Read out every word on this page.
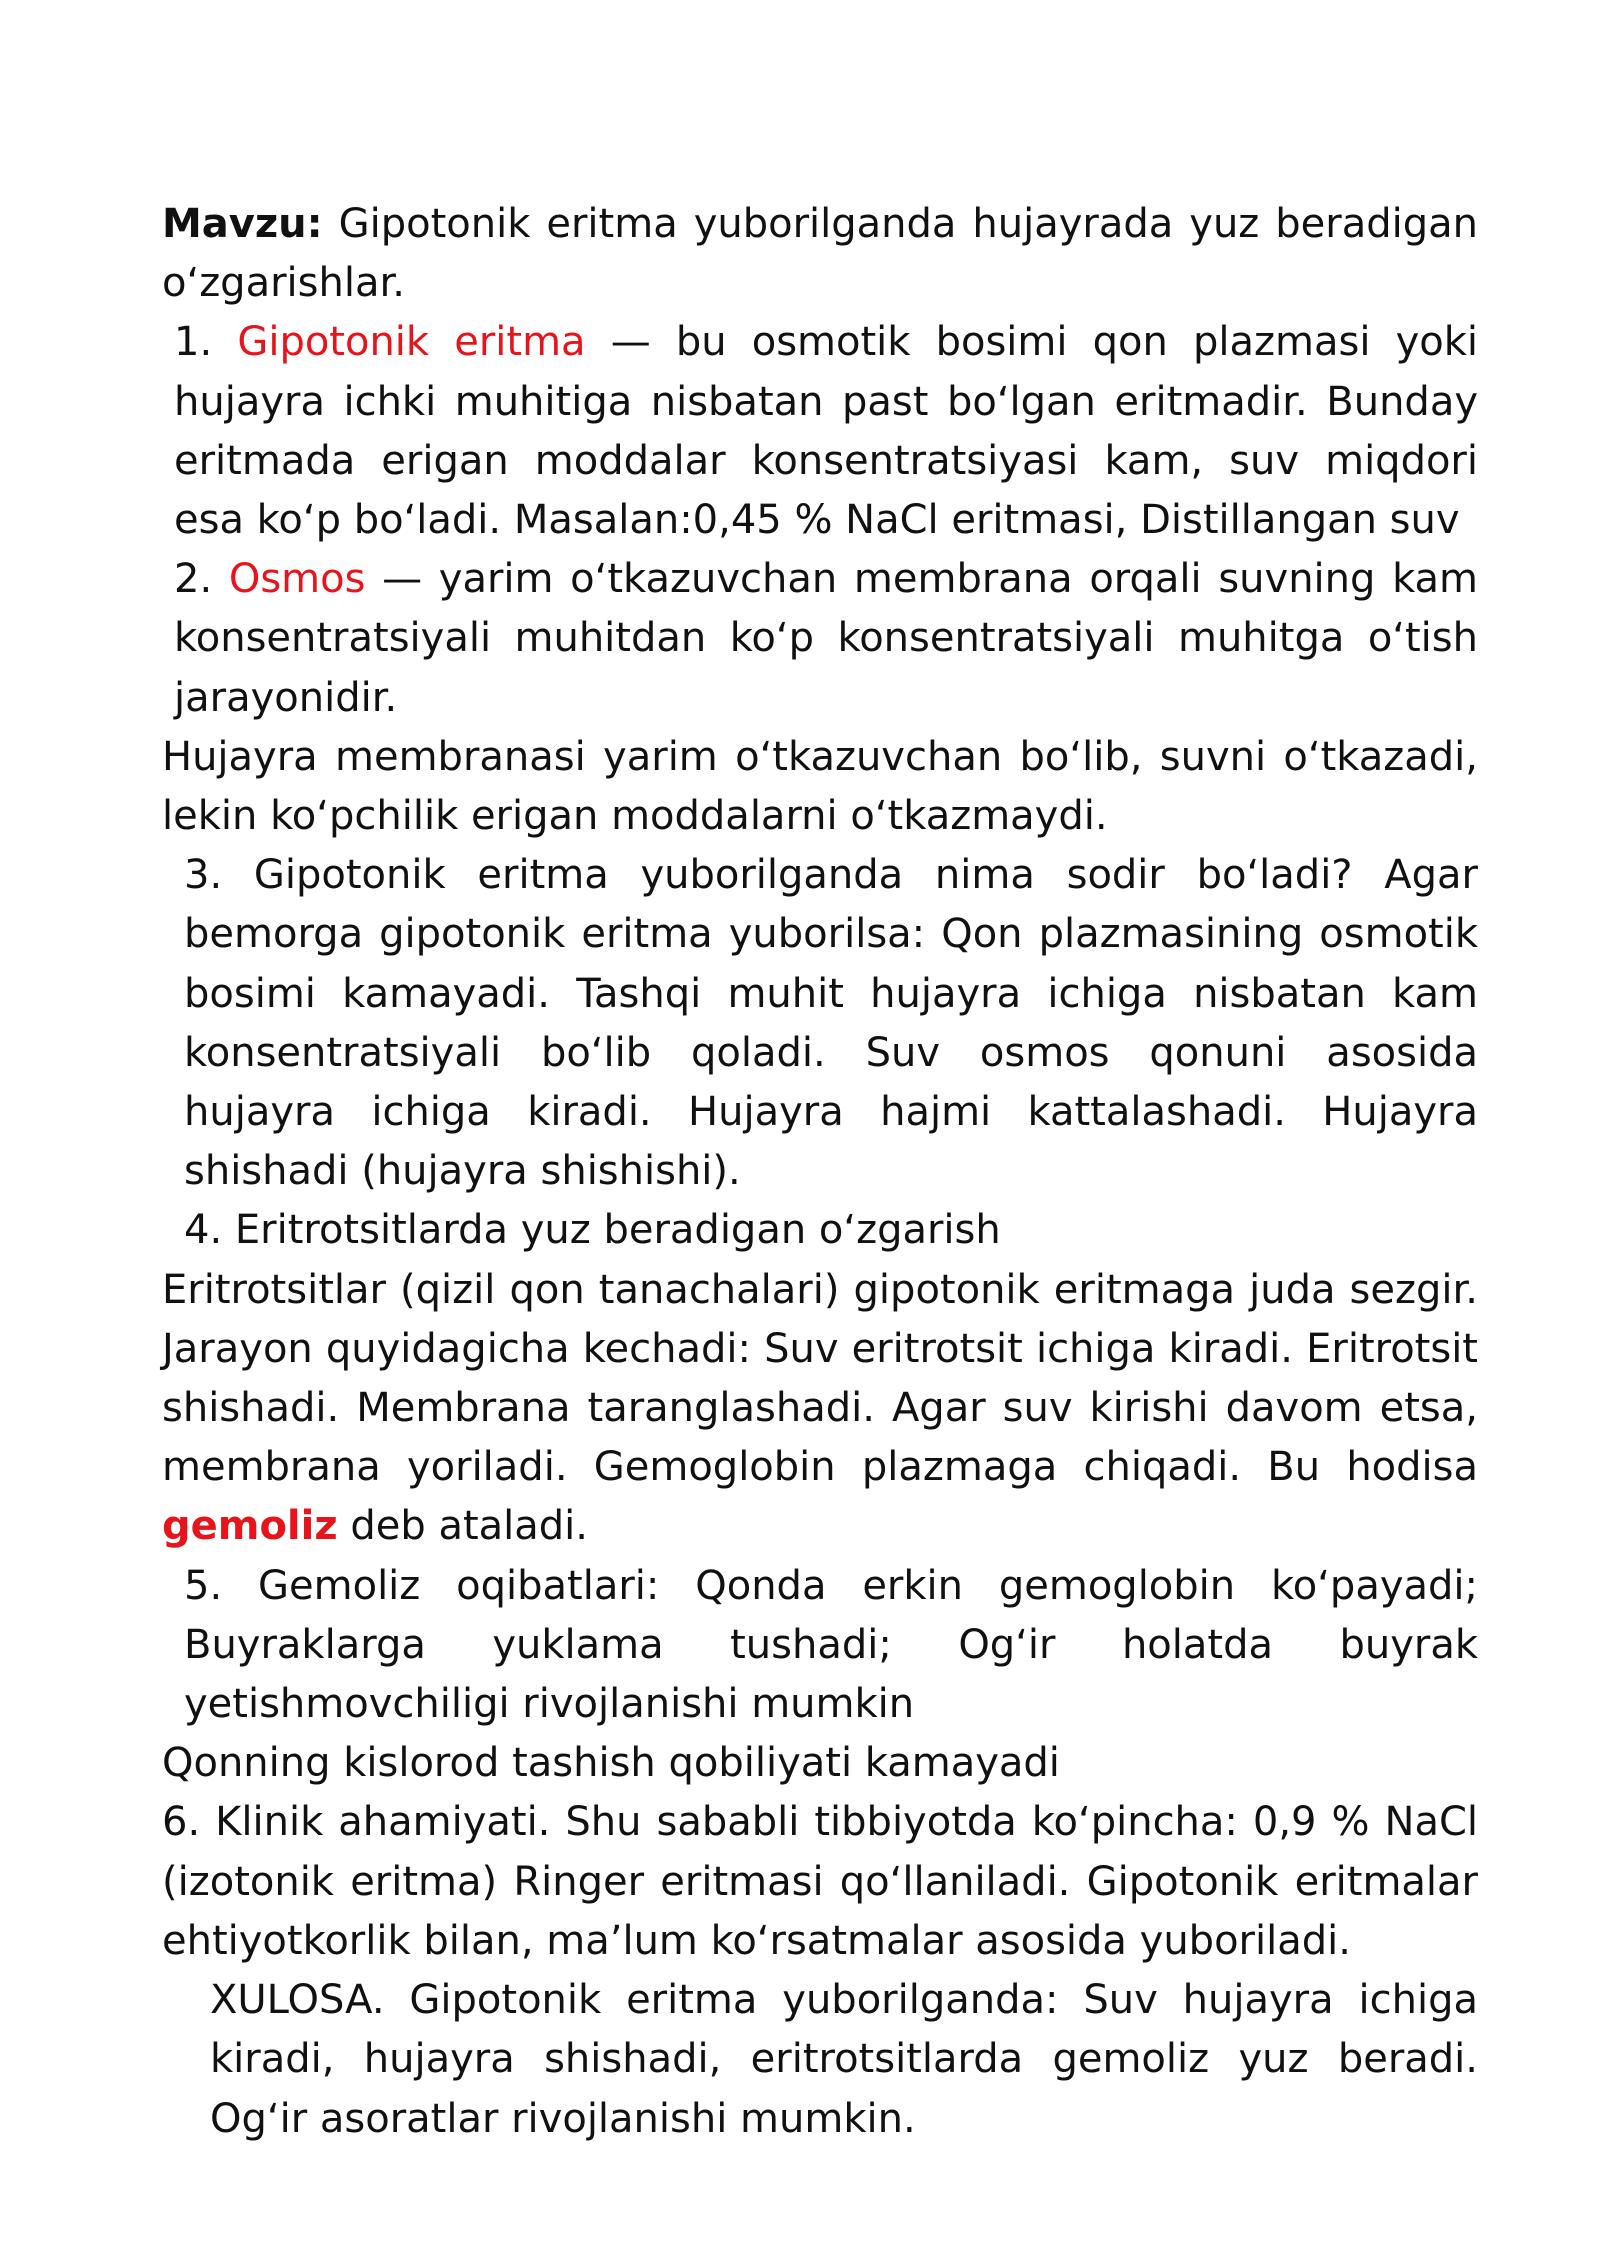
Mavzu: Gipotonik eritma yuborilganda hujayrada yuz beradigan o‘zgarishlar.

1. Gipotonik eritma — bu osmotik bosimi qon plazmasi yoki hujayra ichki muhitiga nisbatan past bo‘lgan eritmadir. Bunday eritmada erigan moddalar konsentratsiyasi kam, suv miqdori esa ko‘p bo‘ladi. Masalan:0,45 % NaCl eritmasi, Distillangan suv

2. Osmos — yarim o‘tkazuvchan membrana orqali suvning kam konsentratsiyali muhitdan ko‘p konsentratsiyali muhitga o‘tish jarayonidir.

Hujayra membranasi yarim o‘tkazuvchan bo‘lib, suvni o‘tkazadi, lekin ko‘pchilik erigan moddalarni o‘tkazmaydi.

3. Gipotonik eritma yuborilganda nima sodir bo‘ladi? Agar bemorga gipotonik eritma yuborilsa: Qon plazmasining osmotik bosimi kamayadi. Tashqi muhit hujayra ichiga nisbatan kam konsentratsiyali bo‘lib qoladi. Suv osmos qonuni asosida hujayra ichiga kiradi. Hujayra hajmi kattalashadi. Hujayra shishadi (hujayra shishishi).

4. Eritrotsitlarda yuz beradigan o‘zgarish

Eritrotsitlar (qizil qon tanachalari) gipotonik eritmaga juda sezgir. Jarayon quyidagicha kechadi: Suv eritrotsit ichiga kiradi. Eritrotsit shishadi. Membrana taranglashadi. Agar suv kirishi davom etsa, membrana yoriladi. Gemoglobin plazmaga chiqadi. Bu hodisa gemoliz deb ataladi.

5. Gemoliz oqibatlari: Qonda erkin gemoglobin ko‘payadi; Buyraklarga yuklama tushadi; Og‘ir holatda buyrak yetishmovchiligi rivojlanishi mumkin

Qonning kislorod tashish qobiliyati kamayadi

6. Klinik ahamiyati. Shu sababli tibbiyotda ko‘pincha: 0,9 % NaCl (izotonik eritma) Ringer eritmasi qo‘llaniladi. Gipotonik eritmalar ehtiyotkorlik bilan, ma’lum ko‘rsatmalar asosida yuboriladi.

XULOSA. Gipotonik eritma yuborilganda: Suv hujayra ichiga kiradi, hujayra shishadi, eritrotsitlarda gemoliz yuz beradi. Og‘ir asoratlar rivojlanishi mumkin.
